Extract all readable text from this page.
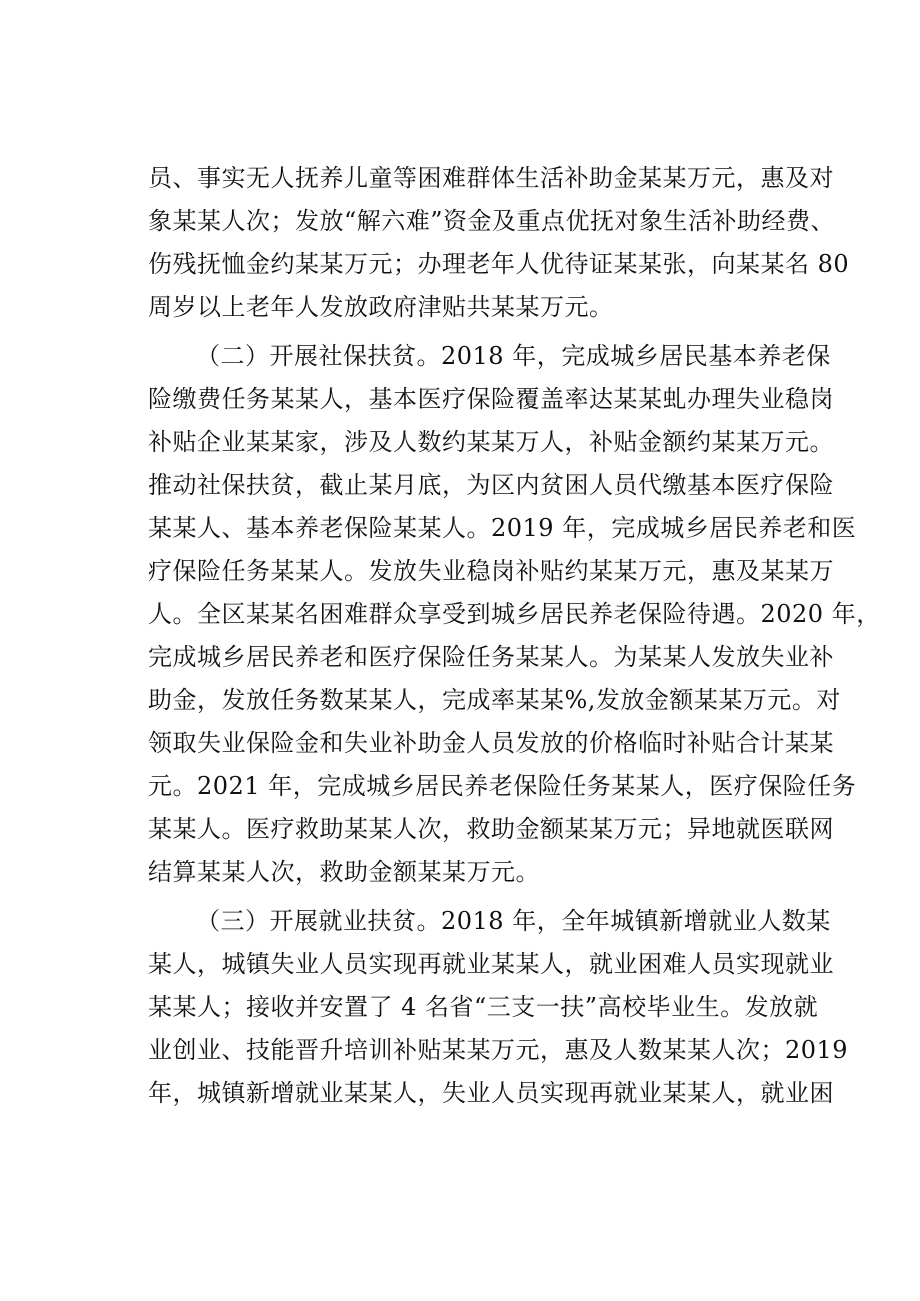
员、事实无人抚养儿童等困难群体生活补助金某某万元，惠及对
象某某人次；发放“解六难”资金及重点优抚对象生活补助经费、
伤残抚恤金约某某万元；办理老年人优待证某某张，向某某名 80
周岁以上老年人发放政府津贴共某某万元。
（二）开展社保扶贫。2018 年，完成城乡居民基本养老保
险缴费任务某某人，基本医疗保险覆盖率达某某虬办理失业稳岗
补贴企业某某家，涉及人数约某某万人，补贴金额约某某万元。
推动社保扶贫，截止某月底，为区内贫困人员代缴基本医疗保险
某某人、基本养老保险某某人。2019 年，完成城乡居民养老和医
疗保险任务某某人。发放失业稳岗补贴约某某万元，惠及某某万
人。全区某某名困难群众享受到城乡居民养老保险待遇。2020 年，
完成城乡居民养老和医疗保险任务某某人。为某某人发放失业补
助金，发放任务数某某人，完成率某某%,发放金额某某万元。对
领取失业保险金和失业补助金人员发放的价格临时补贴合计某某
元。2021 年，完成城乡居民养老保险任务某某人，医疗保险任务
某某人。医疗救助某某人次，救助金额某某万元；异地就医联网
结算某某人次，救助金额某某万元。
（三）开展就业扶贫。2018 年，全年城镇新增就业人数某
某人，城镇失业人员实现再就业某某人，就业困难人员实现就业
某某人；接收并安置了 4 名省“三支一扶”高校毕业生。发放就
业创业、技能晋升培训补贴某某万元，惠及人数某某人次；2019
年，城镇新增就业某某人，失业人员实现再就业某某人，就业困
